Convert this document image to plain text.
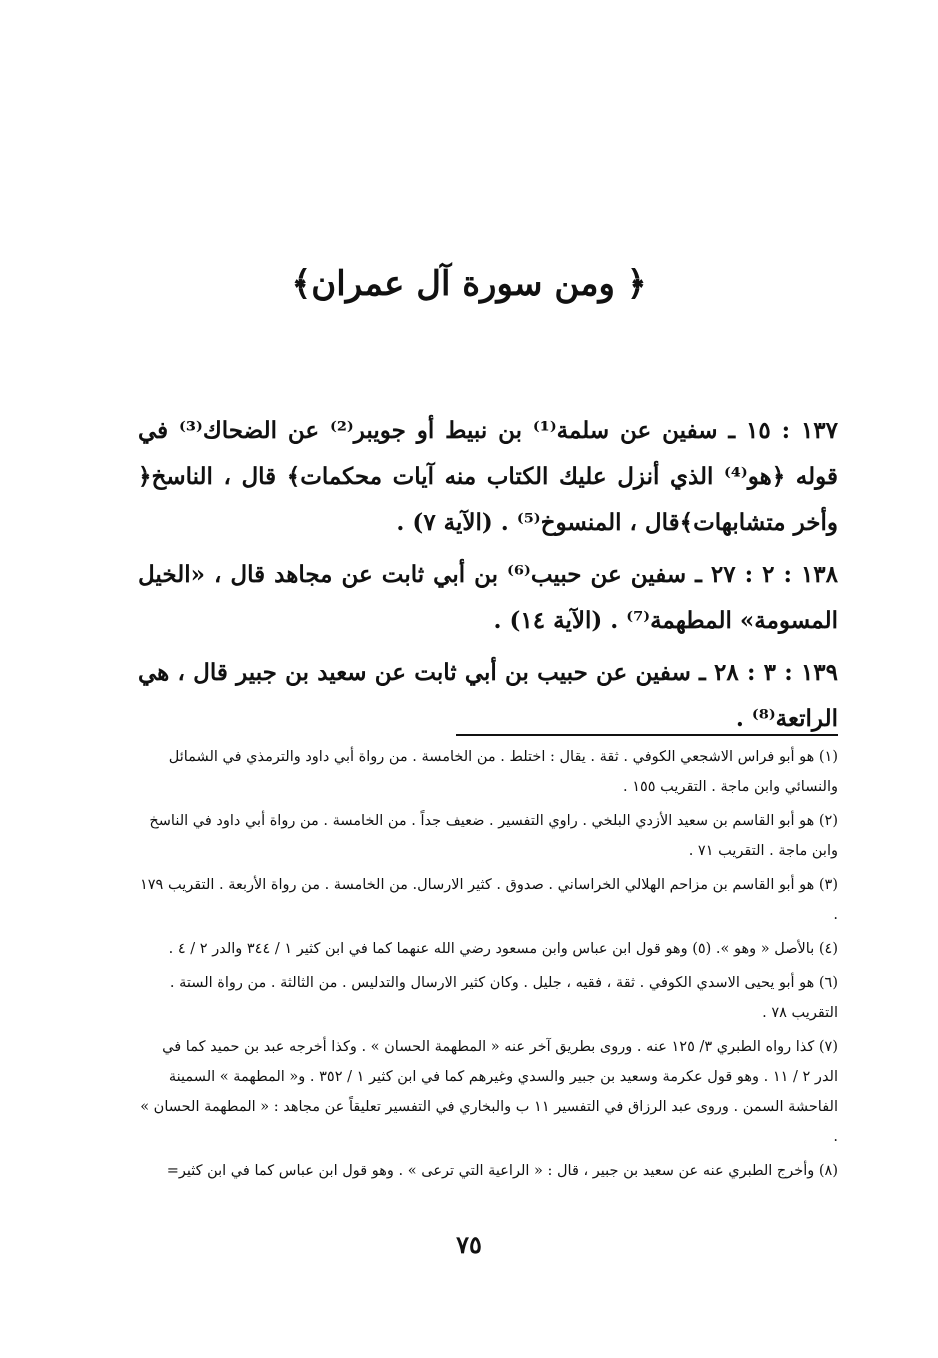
﴿ ومن سورة آل عمران﴾

١٣٧ : ١٥ ـ سفين عن سلمة⁽¹⁾ بن نبيط أو جويبر⁽²⁾ عن الضحاك⁽³⁾ في قوله ﴿هو⁽⁴⁾ الذي أنزل عليك الكتاب منه آيات محكمات﴾ قال ، الناسخ﴿ وأخر متشابهات﴾قال ، المنسوخ⁽⁵⁾ . (الآية ٧) .

١٣٨ : ٢ : ٢٧ ـ سفين عن حبيب⁽⁶⁾ بن أبي ثابت عن مجاهد قال ، «الخيل المسومة» المطهمة⁽⁷⁾ . (الآية ١٤) .

١٣٩ : ٣ : ٢٨ ـ سفين عن حبيب بن أبي ثابت عن سعيد بن جبير قال ، هي الراتعة⁽⁸⁾ .

(١) هو أبو فراس الاشجعي الكوفي . ثقة . يقال : اختلط . من الخامسة . من رواة أبي داود والترمذي في الشمائل والنسائي وابن ماجة . التقريب ١٥٥ .

(٢) هو أبو القاسم بن سعيد الأزدي البلخي . راوي التفسير . ضعيف جداً . من الخامسة . من رواة أبي داود في الناسخ وابن ماجة . التقريب ٧١ .

(٣) هو أبو القاسم بن مزاحم الهلالي الخراساني . صدوق . كثير الارسال. من الخامسة . من رواة الأربعة . التقريب ١٧٩ .

(٤) بالأصل « وهو ». (٥) وهو قول ابن عباس وابن مسعود رضي الله عنهما كما في ابن كثير ١ / ٣٤٤ والدر ٢ / ٤ .

(٦) هو أبو يحيى الاسدي الكوفي . ثقة ، فقيه ، جليل . وكان كثير الارسال والتدليس . من الثالثة . من رواة الستة . التقريب ٧٨ .

(٧) كذا رواه الطبري ٣/ ١٢٥ عنه . وروى بطريق آخر عنه « المطهمة الحسان » . وكذا أخرجه عبد بن حميد كما في الدر ٢ / ١١ . وهو قول عكرمة وسعيد بن جبير والسدي وغيرهم كما في ابن كثير ١ / ٣٥٢ . و« المطهمة » السمينة الفاحشة السمن . وروى عبد الرزاق في التفسير ١١ ب والبخاري في التفسير تعليقاً عن مجاهد : « المطهمة الحسان » .

(٨) وأخرج الطبري عنه عن سعيد بن جبير ، قال : « الراعية التي ترعى » . وهو قول ابن عباس كما في ابن كثير=

٧٥
